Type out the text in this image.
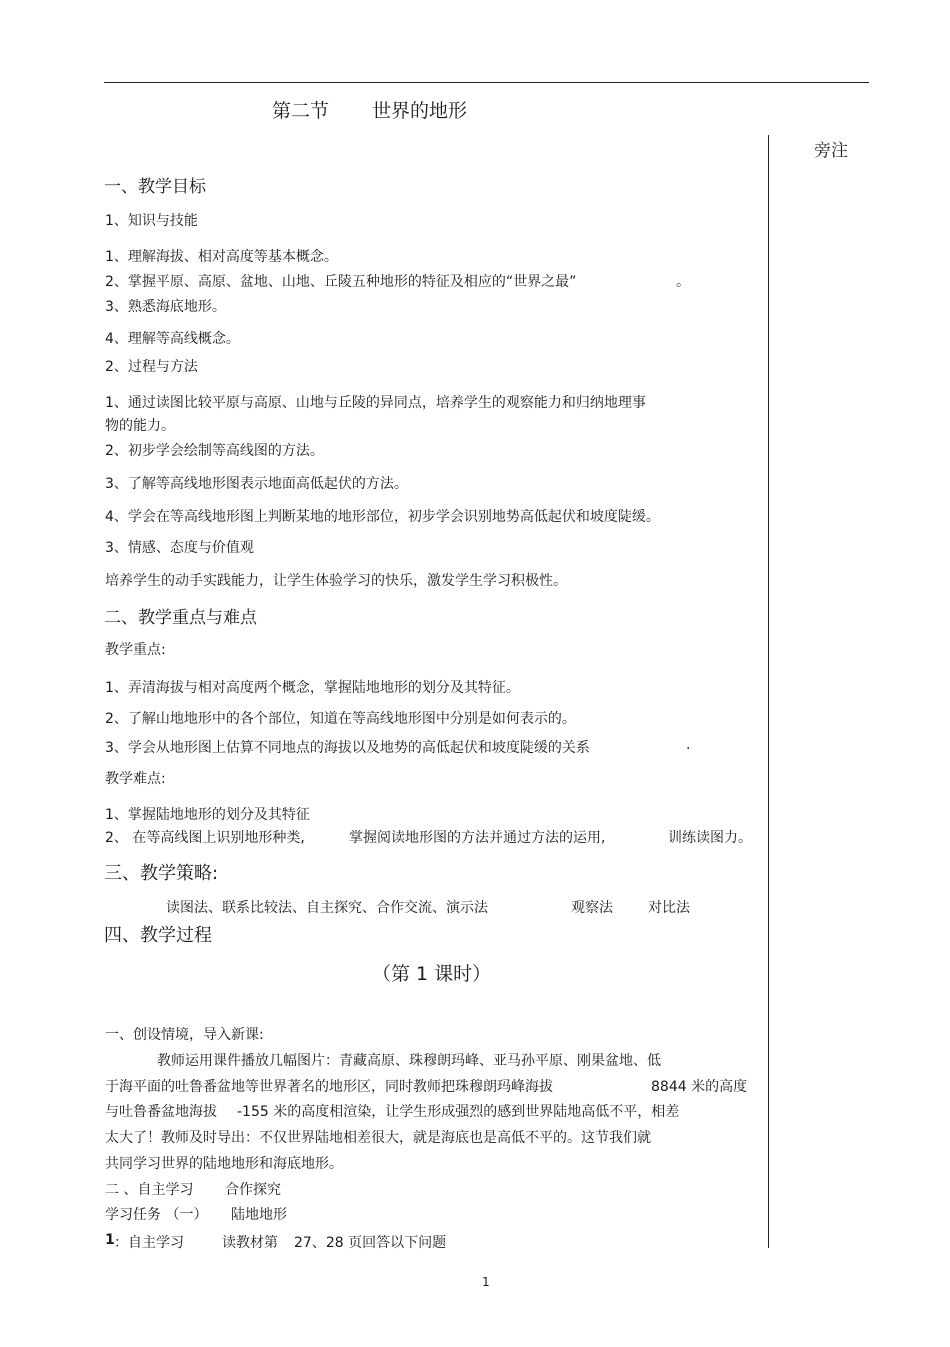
第二节 世界的地形
旁注
一、教学目标
1、知识与技能
1、理解海拔、相对高度等基本概念。
2、掌握平原、高原、盆地、山地、丘陵五种地形的特征及相应的“世界之最”	。
3、熟悉海底地形。
4、理解等高线概念。
2、过程与方法
1、通过读图比较平原与高原、山地与丘陵的异同点，培养学生的观察能力和归纳地理事
物的能力。
2、初步学会绘制等高线图的方法。
3、了解等高线地形图表示地面高低起伏的方法。
4、学会在等高线地形图上判断某地的地形部位，初步学会识别地势高低起伏和坡度陡缓。
3、情感、态度与价值观
培养学生的动手实践能力，让学生体验学习的快乐，激发学生学习积极性。
二、教学重点与难点
教学重点:
1、弄清海拔与相对高度两个概念，掌握陆地地形的划分及其特征。
2、了解山地地形中的各个部位，知道在等高线地形图中分别是如何表示的。
3、学会从地形图上估算不同地点的海拔以及地势的高低起伏和坡度陡缓的关系	.
教学难点:
1、掌握陆地地形的划分及其特征
2、 在等高线图上识别地形种类,	掌握阅读地形图的方法并通过方法的运用,	训练读图力。
三、教学策略:
读图法、联系比较法、自主探究、合作交流、演示法	观察法	对比法
四、教学过程
（第 1 课时）
一、创设情境，导入新课:
教师运用课件播放几幅图片：青藏高原、珠穆朗玛峰、亚马孙平原、刚果盆地、低
于海平面的吐鲁番盆地等世界著名的地形区，同时教师把珠穆朗玛峰海拔	8844 米的高度
与吐鲁番盆地海拔 -155 米的高度相渲染，让学生形成强烈的感到世界陆地高低不平，相差
太大了！教师及时导出：不仅世界陆地相差很大，就是海底也是高低不平的。这节我们就
共同学习世界的陆地地形和海底地形。
二 、自主学习 合作探究
学习任务 （一） 陆地地形
1 ：自主学习	读教材第 27、28 页回答以下问题
1
